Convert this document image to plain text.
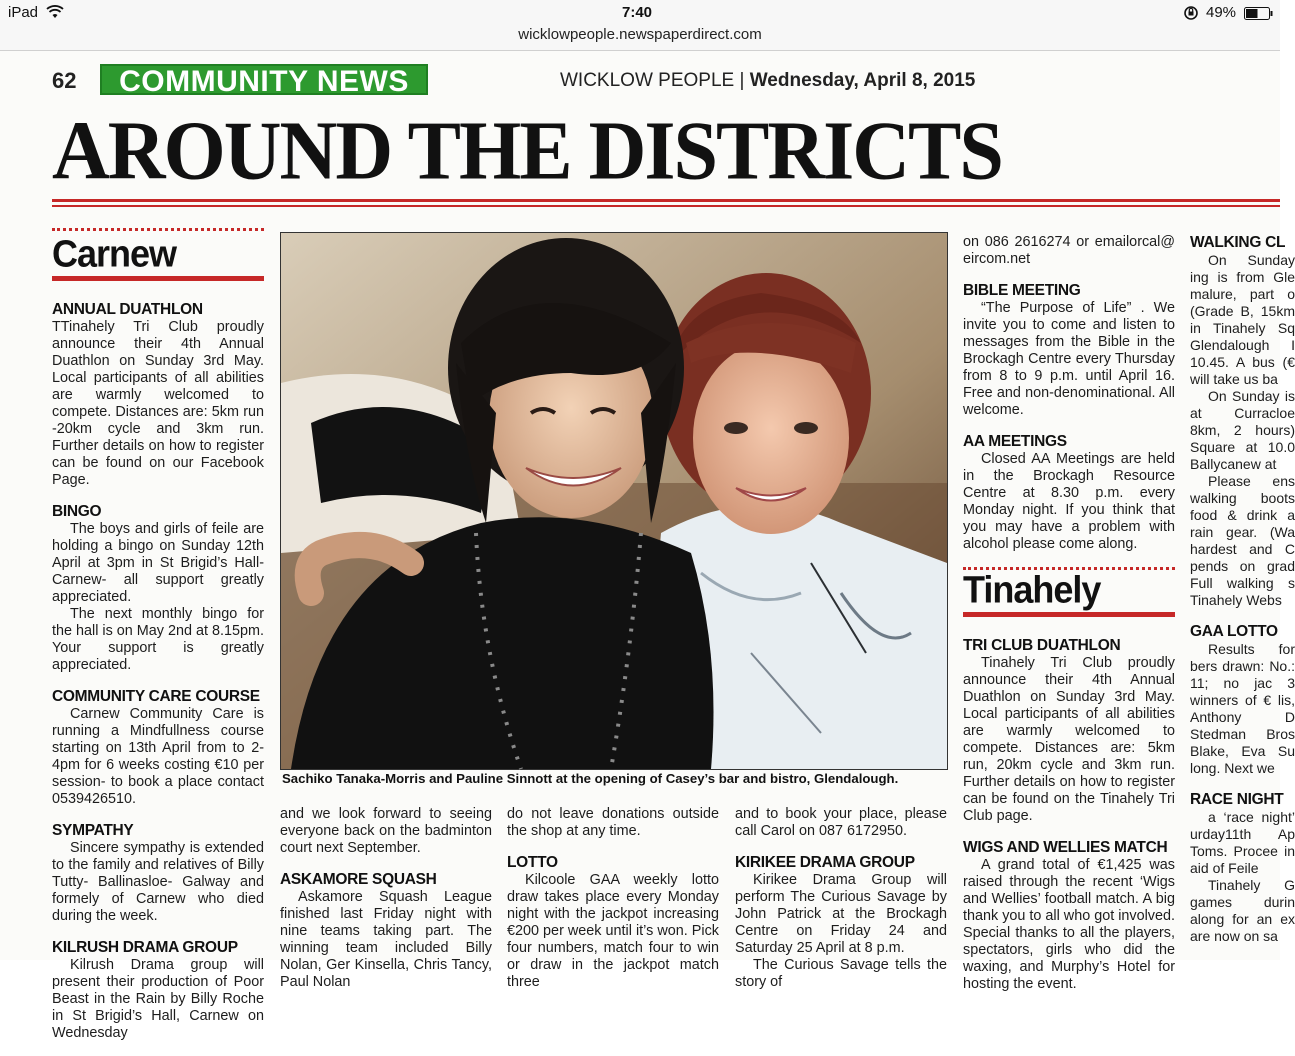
iPad	7:40	49%
wicklowpeople.newspaperdirect.com
62	COMMUNITY NEWS	WICKLOW PEOPLE | Wednesday, April 8, 2015
AROUND THE DISTRICTS
Carnew
ANNUAL DUATHLON

TTinahely Tri Club proudly announce their 4th Annual Duathlon on Sunday 3rd May. Local participants of all abilities are warmly welcomed to compete. Distances are: 5km run -20km cycle and 3km run. Further details on how to register can be found on our Facebook Page.

BINGO

The boys and girls of feile are holding a bingo on Sunday 12th April at 3pm in St Brigid’s Hall- Carnew- all support greatly appreciated.

The next monthly bingo for the hall is on May 2nd at 8.15pm. Your support is greatly appreciated.

COMMUNITY CARE COURSE

Carnew Community Care is running a Mindfullness course starting on 13th April from to 2- 4pm for 6 weeks costing €10 per session- to book a place contact 0539426510.

SYMPATHY

Sincere sympathy is extended to the family and relatives of Billy Tutty- Ballinasloe- Galway and formely of Carnew who died during the week.

KILRUSH DRAMA GROUP

Kilrush Drama group will present their production of Poor Beast in the Rain by Billy Roche in St Brigid’s Hall, Carnew on Wednesday

Sachiko Tanaka-Morris and Pauline Sinnott at the opening of Casey’s bar and bistro, Glendalough.

and we look forward to seeing everyone back on the badminton court next September.

ASKAMORE SQUASH

Askamore Squash League finished last Friday night with nine teams taking part. The winning team included Billy Nolan, Ger Kinsella, Chris Tancy, Paul Nolan

do not leave donations outside the shop at any time.

LOTTO

Kilcoole GAA weekly lotto draw takes place every Monday night with the jackpot increasing €200 per week until it’s won. Pick four numbers, match four to win or draw in the jackpot match three

and to book your place, please call Carol on 087 6172950.

KIRIKEE DRAMA GROUP

Kirikee Drama Group will perform The Curious Savage by John Patrick at the Brockagh Centre on Friday 24 and Saturday 25 April at 8 p.m.

The Curious Savage tells the story of

on 086 2616274 or emailorcal@ eircom.net

BIBLE MEETING

“The Purpose of Life” . We invite you to come and listen to messages from the Bible in the Brockagh Centre every Thursday from 8 to 9 p.m. until April 16. Free and non-denominational. All welcome.

AA MEETINGS

Closed AA Meetings are held in the Brockagh Resource Centre at 8.30 p.m. every Monday night. If you think that you may have a problem with alcohol please come along.

Tinahely
TRI CLUB DUATHLON

Tinahely Tri Club proudly announce their 4th Annual Duathlon on Sunday 3rd May. Local participants of all abilities are warmly welcomed to compete. Distances are: 5km run, 20km cycle and 3km run. Further details on how to register can be found on the Tinahely Tri Club page.

WIGS AND WELLIES MATCH

A grand total of €1,425 was raised through the recent ‘Wigs and Wellies’ football match. A big thank you to all who got involved. Special thanks to all the players, spectators, girls who did the waxing, and Murphy’s Hotel for hosting the event.

WALKING CL

On Sunday ing is from Gle malure, part o (Grade B, 15km in Tinahely Sq Glendalough I 10.45. A bus (€ will take us ba

On Sunday is at Curracloe 8km, 2 hours) Square at 10.0 Ballycanew at

Please ens walking boots food & drink a rain gear. (Wa hardest and C pends on grad Full walking s Tinahely Webs

GAA LOTTO

Results for bers drawn: No.: 11; no jac 3 winners of € lis, Anthony D Stedman Bros Blake, Eva Su long. Next we

RACE NIGHT

a ‘race night’ urday11th Ap Toms. Procee in aid of Feile

Tinahely G games durin along for an ex are now on sa
